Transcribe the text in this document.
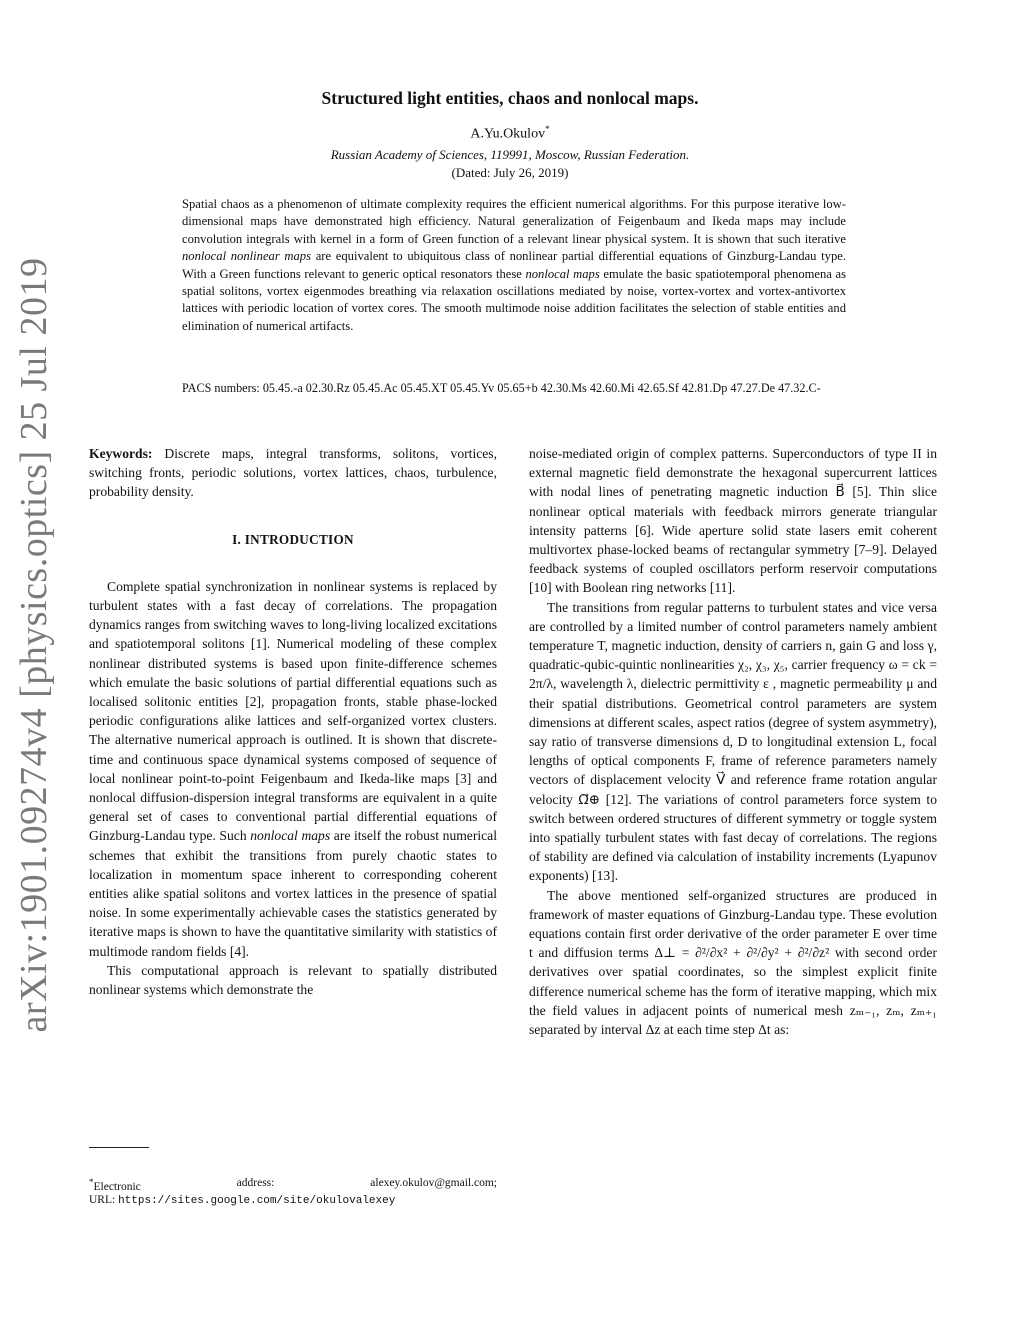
arXiv:1901.09274v4 [physics.optics] 25 Jul 2019
Structured light entities, chaos and nonlocal maps.
A.Yu.Okulov*
Russian Academy of Sciences, 119991, Moscow, Russian Federation.
(Dated: July 26, 2019)

Spatial chaos as a phenomenon of ultimate complexity requires the efficient numerical algorithms. For this purpose iterative low-dimensional maps have demonstrated high efficiency. Natural generalization of Feigenbaum and Ikeda maps may include convolution integrals with kernel in a form of Green function of a relevant linear physical system. It is shown that such iterative nonlocal nonlinear maps are equivalent to ubiquitous class of nonlinear partial differential equations of Ginzburg-Landau type. With a Green functions relevant to generic optical resonators these nonlocal maps emulate the basic spatiotemporal phenomena as spatial solitons, vortex eigenmodes breathing via relaxation oscillations mediated by noise, vortex-vortex and vortex-antivortex lattices with periodic location of vortex cores. The smooth multimode noise addition facilitates the selection of stable entities and elimination of numerical artifacts.

PACS numbers: 05.45.-a 02.30.Rz 05.45.Ac 05.45.XT 05.45.Yv 05.65+b 42.30.Ms 42.60.Mi 42.65.Sf 42.81.Dp 47.27.De 47.32.C-

Keywords: Discrete maps, integral transforms, solitons, vortices, switching fronts, periodic solutions, vortex lattices, chaos, turbulence, probability density.

I. INTRODUCTION

Complete spatial synchronization in nonlinear systems is replaced by turbulent states with a fast decay of correlations. The propagation dynamics ranges from switching waves to long-living localized excitations and spatiotemporal solitons [1]. Numerical modeling of these complex nonlinear distributed systems is based upon finite-difference schemes which emulate the basic solutions of partial differential equations such as localised solitonic entities [2], propagation fronts, stable phase-locked periodic configurations alike lattices and self-organized vortex clusters. The alternative numerical approach is outlined. It is shown that discrete-time and continuous space dynamical systems composed of sequence of local nonlinear point-to-point Feigenbaum and Ikeda-like maps [3] and nonlocal diffusion-dispersion integral transforms are equivalent in a quite general set of cases to conventional partial differential equations of Ginzburg-Landau type. Such nonlocal maps are itself the robust numerical schemes that exhibit the transitions from purely chaotic states to localization in momentum space inherent to corresponding coherent entities alike spatial solitons and vortex lattices in the presence of spatial noise. In some experimentally achievable cases the statistics generated by iterative maps is shown to have the quantitative similarity with statistics of multimode random fields [4].

This computational approach is relevant to spatially distributed nonlinear systems which demonstrate the

noise-mediated origin of complex patterns. Superconductors of type II in external magnetic field demonstrate the hexagonal supercurrent lattices with nodal lines of penetrating magnetic induction B⃗ [5]. Thin slice nonlinear optical materials with feedback mirrors generate triangular intensity patterns [6]. Wide aperture solid state lasers emit coherent multivortex phase-locked beams of rectangular symmetry [7–9]. Delayed feedback systems of coupled oscillators perform reservoir computations [10] with Boolean ring networks [11].

The transitions from regular patterns to turbulent states and vice versa are controlled by a limited number of control parameters namely ambient temperature T, magnetic induction, density of carriers n, gain G and loss γ, quadratic-qubic-quintic nonlinearities χ₂, χ₃, χ₅, carrier frequency ω = ck = 2π/λ, wavelength λ, dielectric permittivity ε , magnetic permeability μ and their spatial distributions. Geometrical control parameters are system dimensions at different scales, aspect ratios (degree of system asymmetry), say ratio of transverse dimensions d, D to longitudinal extension L, focal lengths of optical components F, frame of reference parameters namely vectors of displacement velocity V⃗ and reference frame rotation angular velocity Ω⃗⊕ [12]. The variations of control parameters force system to switch between ordered structures of different symmetry or toggle system into spatially turbulent states with fast decay of correlations. The regions of stability are defined via calculation of instability increments (Lyapunov exponents) [13].

The above mentioned self-organized structures are produced in framework of master equations of Ginzburg-Landau type. These evolution equations contain first order derivative of the order parameter E over time t and diffusion terms Δ⊥ = ∂²/∂x² + ∂²/∂y² + ∂²/∂z² with second order derivatives over spatial coordinates, so the simplest explicit finite difference numerical scheme has the form of iterative mapping, which mix the field values in adjacent points of numerical mesh zₘ₋₁, zₘ, zₘ₊₁ separated by interval Δz at each time step Δt as:

*Electronic	address:	alexey.okulov@gmail.com;
URL: https://sites.google.com/site/okulovalexey
